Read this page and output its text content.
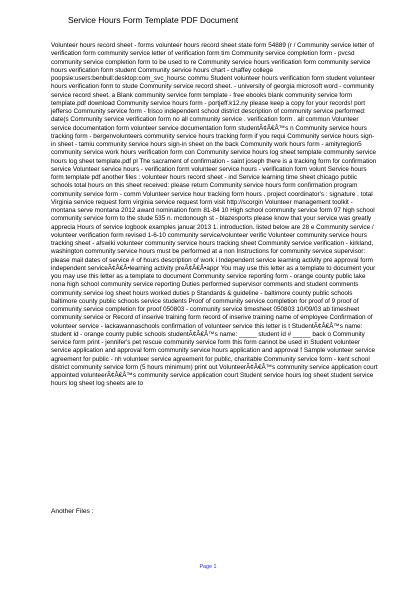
Service Hours Form Template PDF Document

Volunteer hours record sheet - forms volunteer hours record sheet state form 54889 (r / Community service letter of verification form community service letter of verification form tim Community service completion form - pvcsd community service completion form to be used to re Community service hours verification form community service hours verification form student Community service hours chart - chaffey college poopsie:users:benbull:desktop:com_svc_hoursc commu Student volunteer hours verification form student volunteer hours verification form to stude Community service record sheet. - university of georgia microsoft word - community service record sheet. a Blank community service form template - free ebooks blank community service form template.pdf download Community service hours form - portjeff.k12.ny please keep a copy for your records! port jefferso Community service form - frisco independent school district description of community service performed: date(s Community service verification form no all community service . verification form . all commun Volunteer service documentation form volunteer service documentation form studentÃ¢Â€Â™s n Community service hours tracking form - bergenvolunteers community service hours tracking form if you requi Community service hours sign-in sheet - tamiu community service hours sign-in sheet on the back Community work hours form - amityregion5 community service work hours verification form con Community service hours log sheet template community service hours log sheet template.pdf pl The sacrament of confirmation - saint joseph there is a tracking form for confirmation service Volunteer service hours - verification form volunteer service hours - verification form volunt Service hours form template pdf another files : volunteer hours record sheet - ind Service learning time sheet chicago public schools total hours on this sheet received: please return Community service hours form confirmation program community service form - comm Volunteer service hour tracking form hours . project coordinator's : signature . total Virginia service request form virginia service request form visit http://scorgin Volunteer management toolkit - montana serve montana 2012 award nomination form 81-84 10 High school community service form 97 high school community service form to the stude 535 n. mcdonough st - blazesports please know that your service was greatly apprecia Hours of service logbook examples januar 2013 1. introduction. listed below are 28 e Community service / volunteer verification form revised 1-6-10 community service/volunteer verific Volunteer community service hours tracking sheet - afswiki volunteer community service hours tracking sheet Community service verification - kirkland, washington community service hours must be performed at a non Instructions for community service supervisor: please mail dates of service # of hours description of work i Independent service learning activity pre approval form independent serviceÃ¢Â€Â•learning activity preÃ¢Â€Â•appr You may use this letter as a template to document your you may use this letter as a template to document Community service reporting form - orange county public lake nona high school community service reporting Duties performed supervisor comments and student comments community service log sheet hours worked duties p Standards & guideline - baltimore county public schools baltimore county public schools service students Proof of community service completion for proof of 9 proof of community service completion for proof 050803 - community service timesheet 050803 10/09/03 ab timesheet community service or Record of inserive training form record of inserive training name of employee Confirmation of volunteer service - lackawannaschools confirmation of volunteer service this letter is t StudentÃ¢Â€Â™s name: student id - orange county public schools studentÃ¢Â€Â™s name: _____ student id # _____ back o Community service form print - jennifer's pet rescue community service form this form cannot be used in Student volunteer service application and approval form community service hours application and approval f Sample volunteer service agreement for public - nh volunteer service agreement for public, charitable Community service form - kent school district community service form (5 hours minimum) print out VolunteerÃ¢Â€Â™s community service application court appointed volunteerÃ¢Â€Â™s community service application court Student service hours log sheet student service hours log sheet log sheets are to

Another Files :
Page 1
